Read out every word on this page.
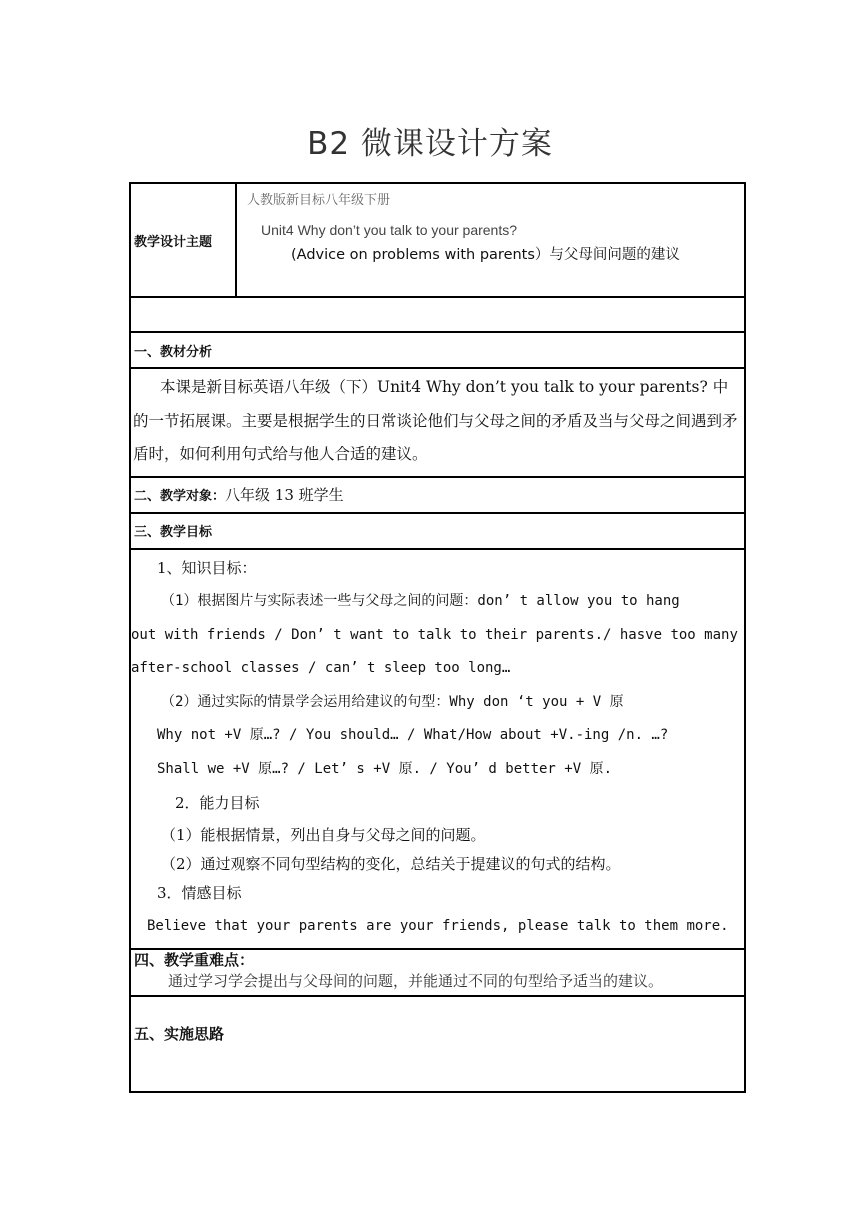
B2 微课设计方案
教学设计主题	
人教版新目标八年级下册
Unit4 Why don’t you talk to your parents?
(Advice on problems with parents）与父母间问题的建议

一、教材分析

本课是新目标英语八年级（下）Unit4 Why don’t you talk to your parents? 中的一节拓展课。主要是根据学生的日常谈论他们与父母之间的矛盾及当与父母之间遇到矛盾时，如何利用句式给与他人合适的建议。

二、教学对象：八年级 13 班学生
三、教学目标

1、知识目标：
（1）根据图片与实际表述一些与父母之间的问题：don’ t allow you to hang
out with friends / Don’ t want to talk to their parents./ hasve too many
after-school classes / can’ t sleep too long…
（2）通过实际的情景学会运用给建议的句型：Why don ‘t you + V 原
Why not +V 原…? / You should… / What/How about +V.-ing /n. …?
Shall we +V 原…? / Let’ s +V 原. / You’ d better +V 原.
2．能力目标
（1）能根据情景，列出自身与父母之间的问题。
（2）通过观察不同句型结构的变化，总结关于提建议的句式的结构。
3．情感目标
Believe that your parents are your friends, please talk to them more.

四、教学重难点：
通过学习学会提出与父母间的问题，并能通过不同的句型给予适当的建议。

五、实施思路
